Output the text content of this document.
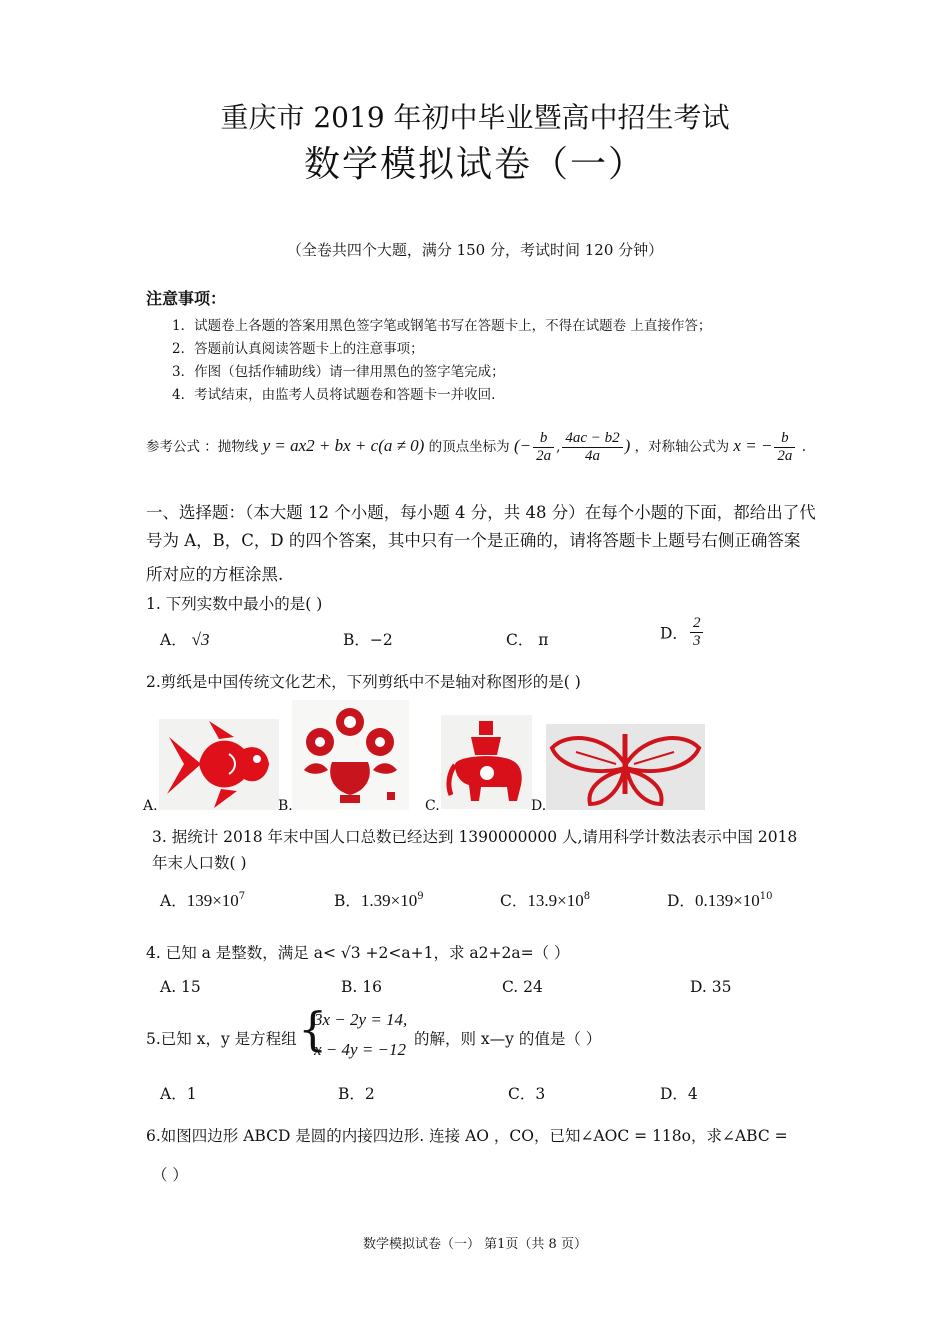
重庆市 2019 年初中毕业暨高中招生考试
数学模拟试卷（一）
（全卷共四个大题，满分 150 分，考试时间 120 分钟）
注意事项：
1．试题卷上各题的答案用黑色签字笔或钢笔书写在答题卡上，不得在试题卷 上直接作答；
2．答题前认真阅读答题卡上的注意事项；
3．作图（包括作辅助线）请一律用黑色的签字笔完成；
4．考试结束，由监考人员将试题卷和答题卡一并收回.
参考公式 ：抛物线 y = ax2 + bx + c(a ≠ 0) 的顶点坐标为 (− $\frac{b}{2a}$ , $\frac{4ac - b2}{4a}$ ) ，对称轴公式为 x = − $\frac{b}{2a}$ .
一、选择题：（本大题 12 个小题，每小题 4 分，共 48 分）在每个小题的下面，都给出了代
号为 A，B，C，D 的四个答案，其中只有一个是正确的，请将答题卡上题号右侧正确答案
所对应的方框涂黑.
1. 下列实数中最小的是( )
A． √3	B．−2	C． π	D． $\frac{2}{3}$
2.剪纸是中国传统文化艺术，下列剪纸中不是轴对称图形的是( )
A.	B.	C.	D.
3. 据统计 2018 年末中国人口总数已经达到 1390000000 人,请用科学计数法表示中国 2018
年末人口数( )
A．$139\times 10^7$	B．$1.39\times 10^9$	C．$13.9\times 10^8$	D．$0.139\times 10^{10}$
4. 已知 a 是整数，满足 a< √3 +2<a+1，求 a2+2a=（ ）
A. 15	B. 16	C. 24	D. 35
5.已知 x，y 是方程组 {
3x − 2y = 14,
x − 4y = −12
的解，则 x—y 的值是（ ）
A．1	B．2	C．3	D．4
6.如图四边形 ABCD 是圆的内接四边形. 连接 AO ，CO，已知∠AOC = 118o，求∠ABC =
（ ）
数学模拟试卷（一） 第1页（共 8 页）
